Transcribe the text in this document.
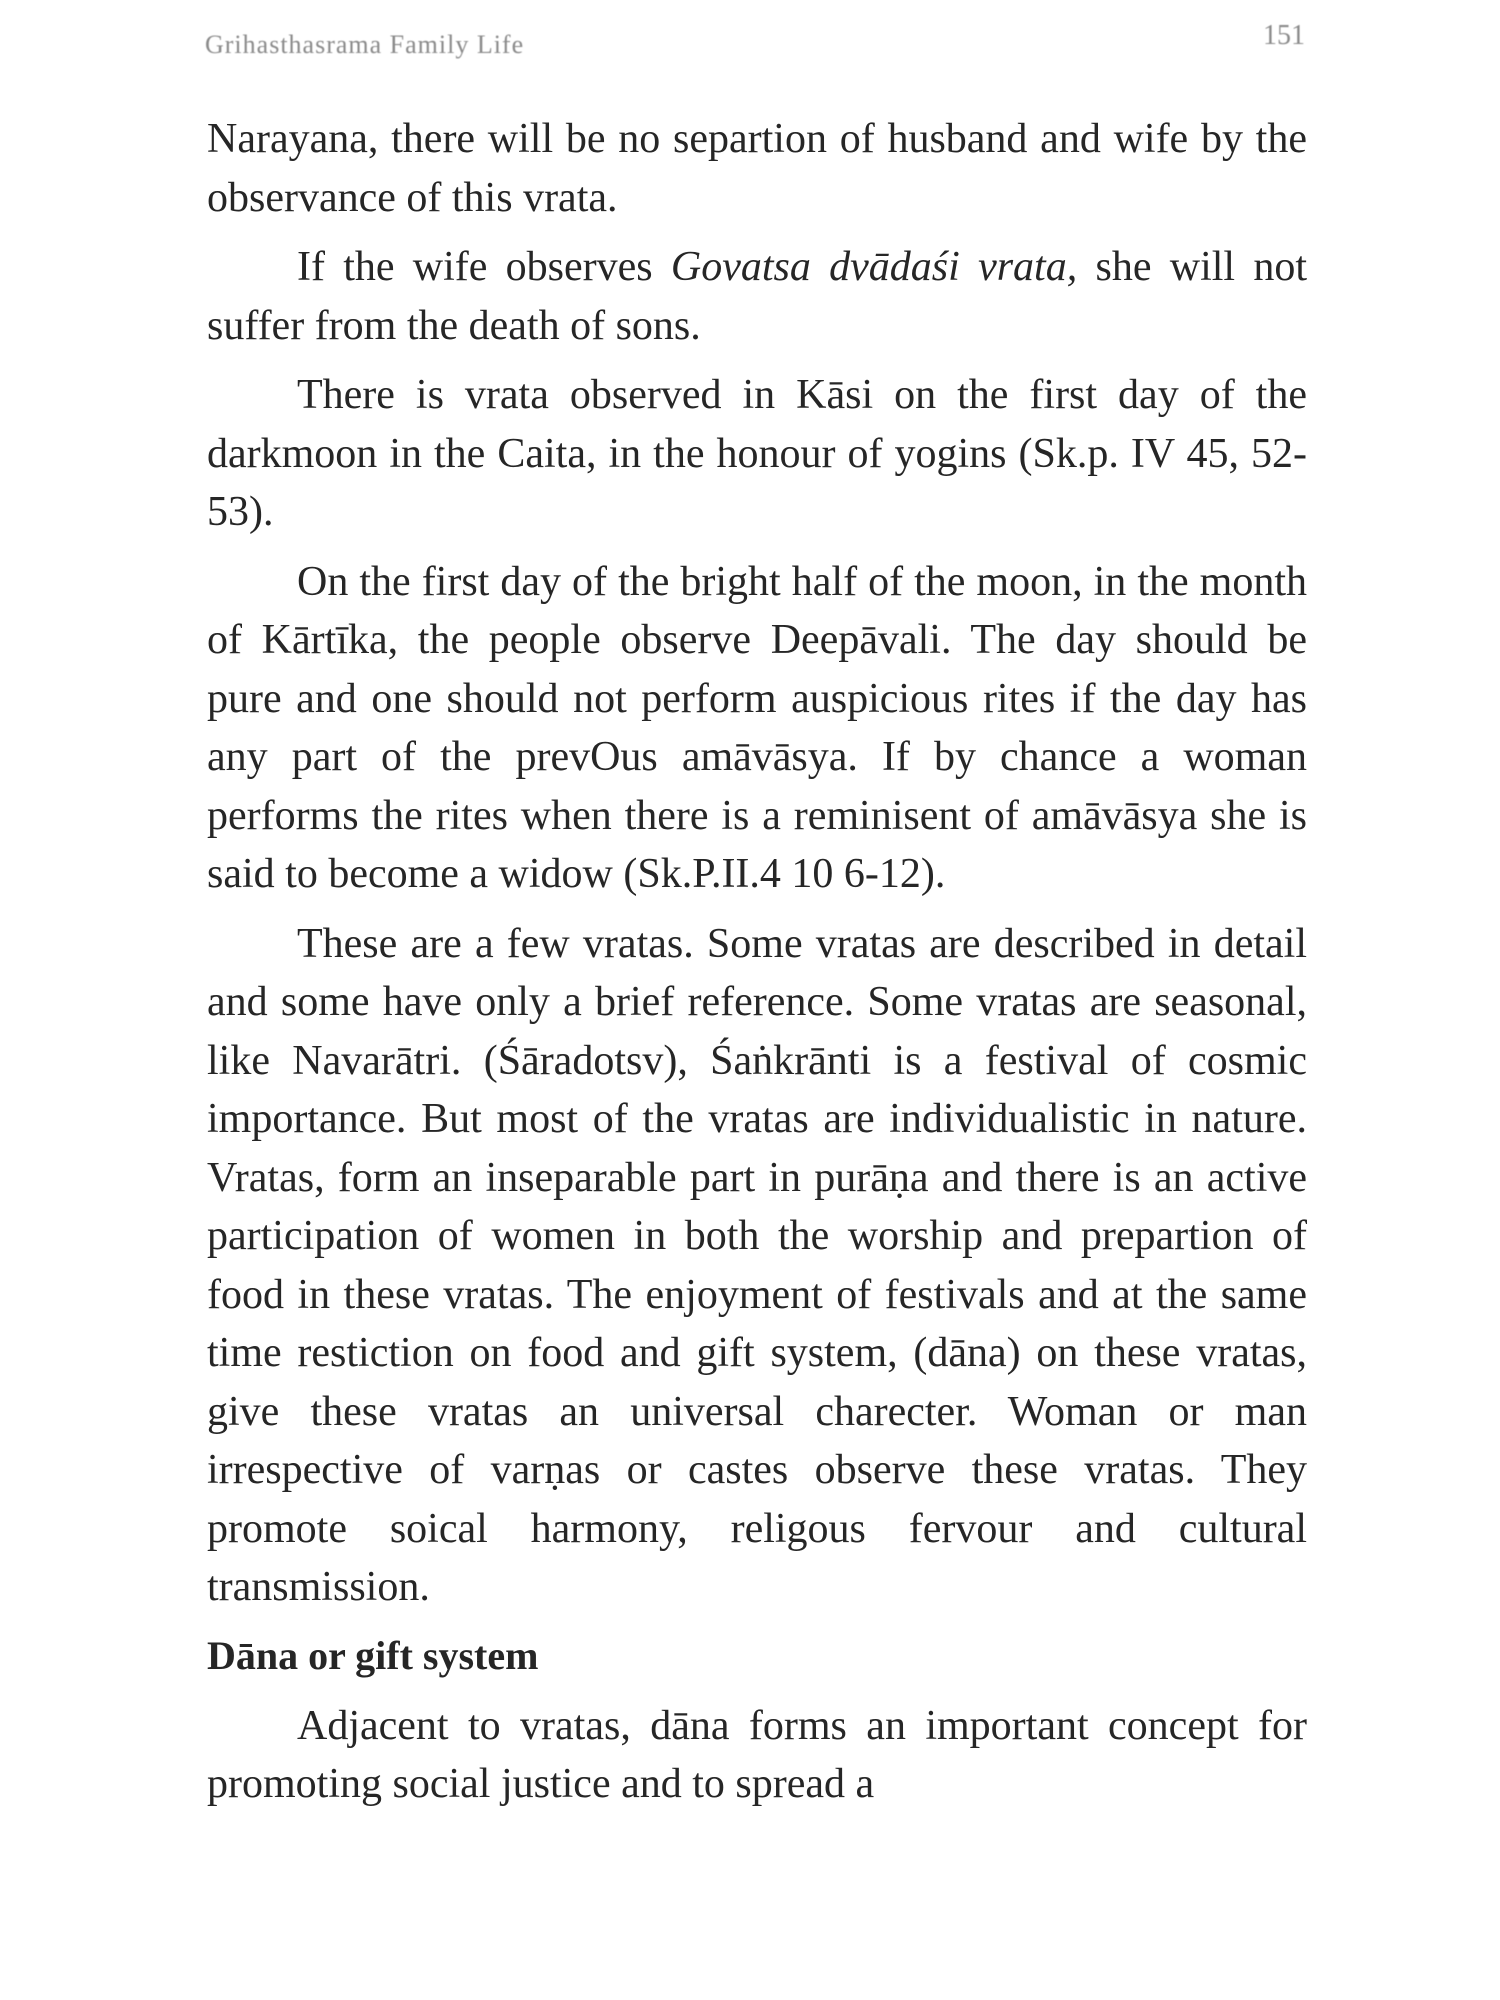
Grihasthasrama Family Life	151

Narayana, there will be no separtion of husband and wife by the observance of this vrata.

If the wife observes Govatsa dvādaśi vrata, she will not suffer from the death of sons.

There is vrata observed in Kāsi on the first day of the darkmoon in the Caita, in the honour of yogins (Sk.p. IV 45, 52-53).

On the first day of the bright half of the moon, in the month of Kārtīka, the people observe Deepāvali. The day should be pure and one should not perform auspicious rites if the day has any part of the prevOus amāvāsya. If by chance a woman performs the rites when there is a reminisent of amāvāsya she is said to become a widow (Sk.P.II.4 10 6-12).

These are a few vratas. Some vratas are described in detail and some have only a brief reference. Some vratas are seasonal, like Navarātri. (Śāradotsv), Śaṅkrānti is a festival of cosmic importance. But most of the vratas are individualistic in nature. Vratas, form an inseparable part in purāṇa and there is an active participation of women in both the worship and prepartion of food in these vratas. The enjoyment of festivals and at the same time restiction on food and gift system, (dāna) on these vratas, give these vratas an universal charecter. Woman or man irrespective of varṇas or castes observe these vratas. They promote soical harmony, religous fervour and cultural transmission.

Dāna or gift system

Adjacent to vratas, dāna forms an important concept for promoting social justice and to spread a
